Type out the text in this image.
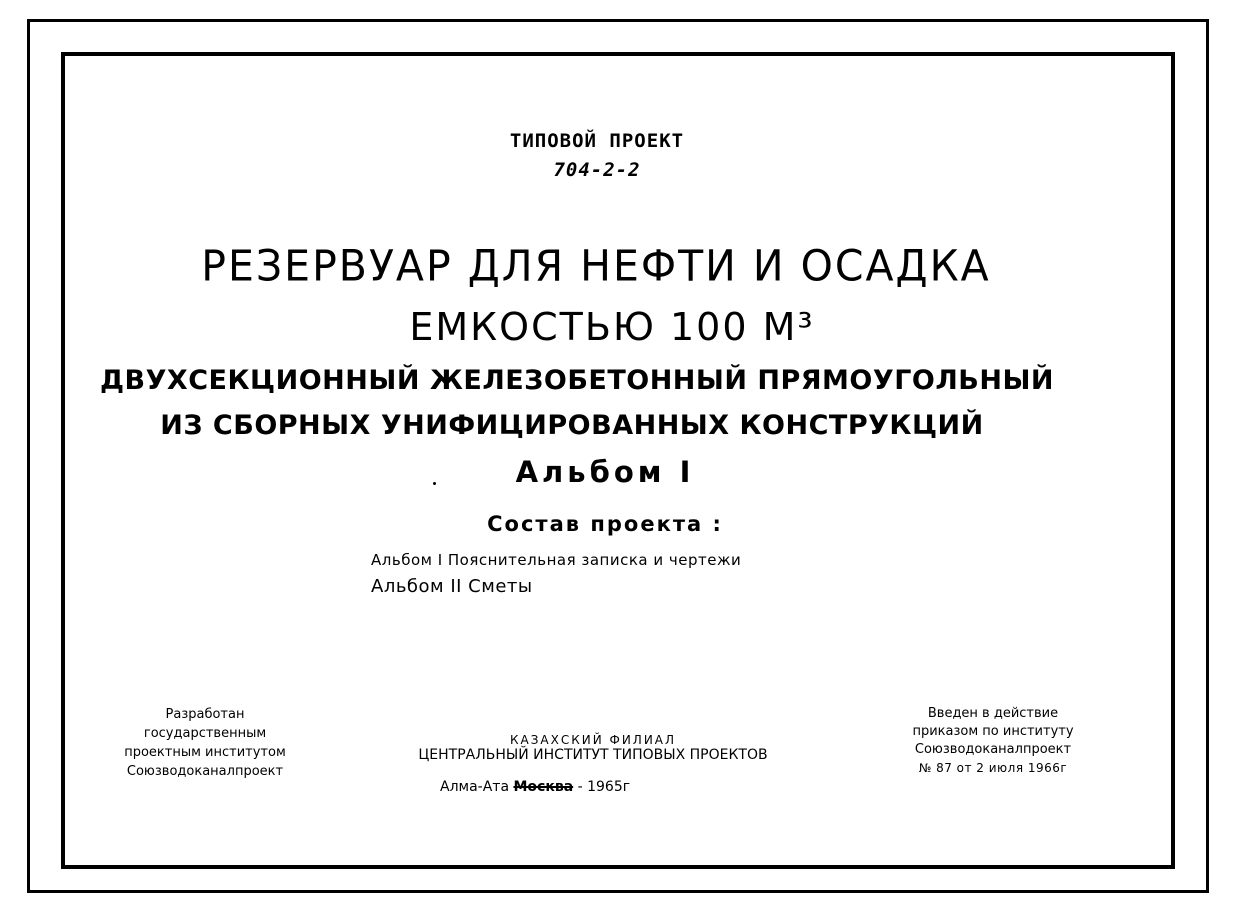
ТИПОВОЙ ПРОЕКТ
704-2-2
РЕЗЕРВУАР ДЛЯ НЕФТИ И ОСАДКА
ЕМКОСТЬЮ 100 М³
ДВУХСЕКЦИОННЫЙ ЖЕЛЕЗОБЕТОННЫЙ ПРЯМОУГОЛЬНЫЙ
ИЗ СБОРНЫХ УНИФИЦИРОВАННЫХ КОНСТРУКЦИЙ
Альбом I
Состав проекта :
Альбом I Пояснительная записка и чертежи
Альбом II Сметы
Разработан
государственным
проектным институтом
Союзводоканалпроект
КАЗАХСКИЙ ФИЛИАЛ
ЦЕНТРАЛЬНЫЙ ИНСТИТУТ ТИПОВЫХ ПРОЕКТОВ
Алма-Ата Москва - 1965г
Введен в действие
приказом по институту
Союзводоканалпроект
№ 87 от 2 июля 1966г
